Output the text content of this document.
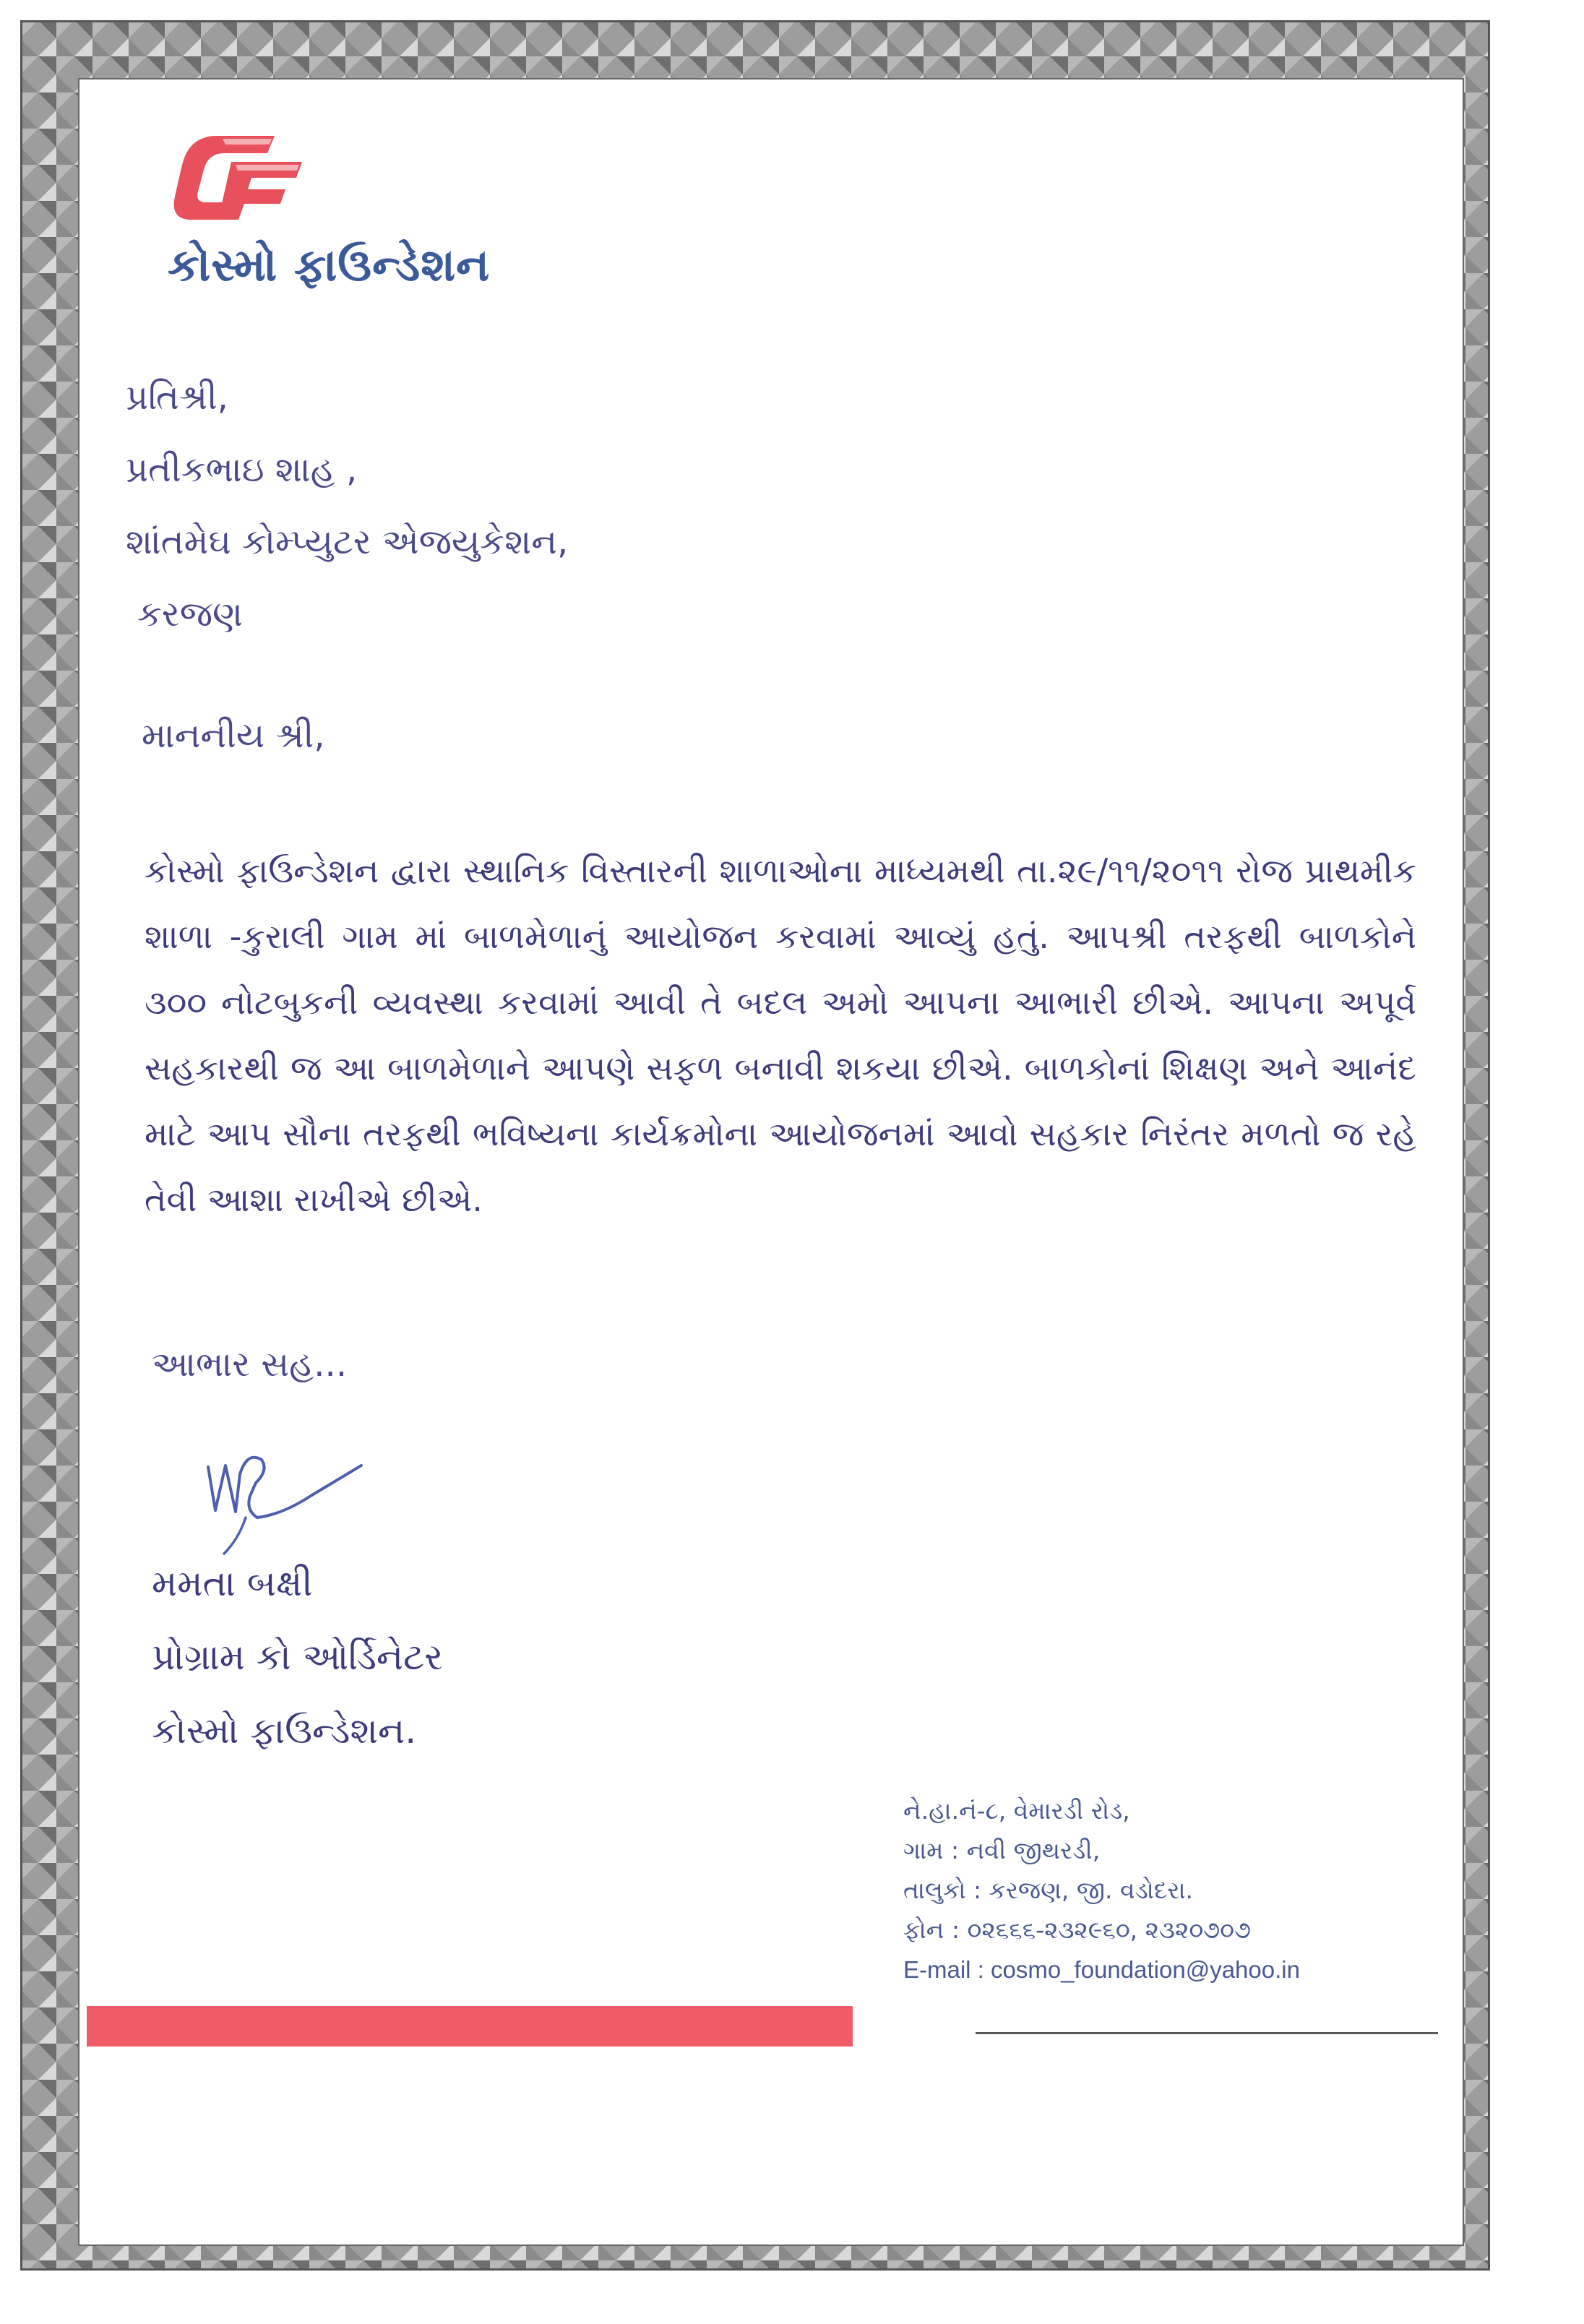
કોસ્મો ફાઉન્ડેશન
પ્રતિશ્રી,
પ્રતીકભાઇ શાહ ,
શાંતમેઘ કોમ્પ્યુટર એજયુકેશન,
કરજણ
માનનીય શ્રી,
કોસ્મો ફાઉન્ડેશન દ્વારા સ્થાનિક વિસ્તારની શાળાઓના માધ્યમથી તા.૨૯/૧૧/૨૦૧૧ રોજ પ્રાથમીક શાળા -કુરાલી ગામ માં બાળમેળાનું આયોજન કરવામાં આવ્યું હતું. આપશ્રી તરફથી બાળકોને ૩૦૦ નોટબુકની વ્યવસ્થા કરવામાં આવી તે બદલ અમો આપના આભારી છીએ. આપના અપૂર્વ સહકારથી જ આ બાળમેળાને આપણે સફળ બનાવી શકયા છીએ. બાળકોનાં શિક્ષણ અને આનંદ માટે આપ સૌના તરફથી ભવિષ્યના કાર્યક્રમોના આયોજનમાં આવો સહકાર નિરંતર મળતો જ રહે તેવી આશા રાખીએ છીએ.
આભાર સહ...
મમતા બક્ષી
પ્રોગ્રામ કો ઓર્ડિનેટર
કોસ્મો ફાઉન્ડેશન.
ને.હા.નં-૮, વેમારડી રોડ,
ગામ : નવી જીથરડી,
તાલુકો : કરજણ, જી. વડોદરા.
ફોન : ૦૨૬૬૬-૨૩૨૯૬૦, ૨૩૨૦૭૦૭
E-mail : cosmo_foundation@yahoo.in
